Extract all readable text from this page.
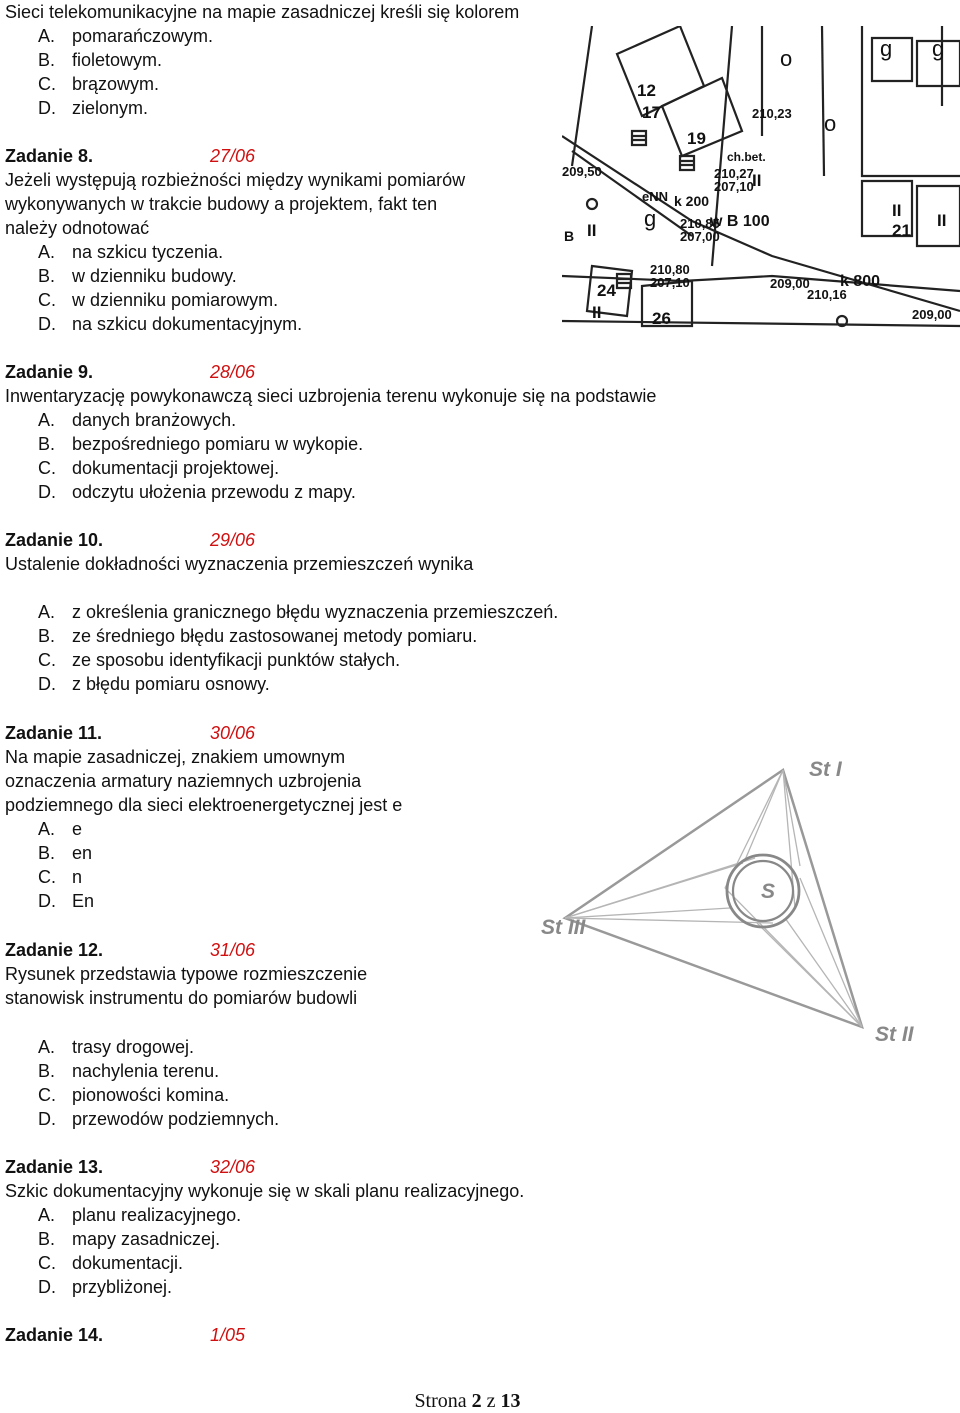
Sieci telekomunikacyjne na mapie zasadniczej kreśli się kolorem
A. pomarańczowym.
B. fioletowym.
C. brązowym.
D. zielonym.
Zadanie 8.	27/06
Jeżeli występują rozbieżności między wynikami pomiarów
wykonywanych w trakcie budowy a projektem, fakt ten
należy odnotować
A. na szkicu tyczenia.
B. w dzienniku budowy.
C. w dzienniku pomiarowym.
D. na szkicu dokumentacyjnym.
210,23
210,27
207,10
210,85
207,00
210,80
207,10	209,00
210,16
209,00
209,50
w B 100
k 800
k 200
ch.bet.
eNN
B
o
o
g g
g
II
II
II
II
II
12
17
19
21
24
26
Zadanie 9.	28/06
Inwentaryzację powykonawczą sieci uzbrojenia terenu wykonuje się na podstawie
A. danych branżowych.
B. bezpośredniego pomiaru w wykopie.
C. dokumentacji projektowej.
D. odczytu ułożenia przewodu z mapy.
Zadanie 10.	29/06
Ustalenie dokładności wyznaczenia przemieszczeń wynika
A. z określenia granicznego błędu wyznaczenia przemieszczeń.
B. ze średniego błędu zastosowanej metody pomiaru.
C. ze sposobu identyfikacji punktów stałych.
D. z błędu pomiaru osnowy.
Zadanie 11.	30/06
Na mapie zasadniczej, znakiem umownym
oznaczenia armatury naziemnych uzbrojenia
podziemnego dla sieci elektroenergetycznej jest e
A. e
B. en
C. n
D. En
St I
St II
St III
S
Zadanie 12.	31/06
Rysunek przedstawia typowe rozmieszczenie
stanowisk instrumentu do pomiarów budowli
A. trasy drogowej.
B. nachylenia terenu.
C. pionowości komina.
D. przewodów podziemnych.
Zadanie 13.	32/06
Szkic dokumentacyjny wykonuje się w skali planu realizacyjnego.
A. planu realizacyjnego.
B. mapy zasadniczej.
C. dokumentacji.
D. przybliżonej.
Zadanie 14.	1/05
Strona 2 z 13
